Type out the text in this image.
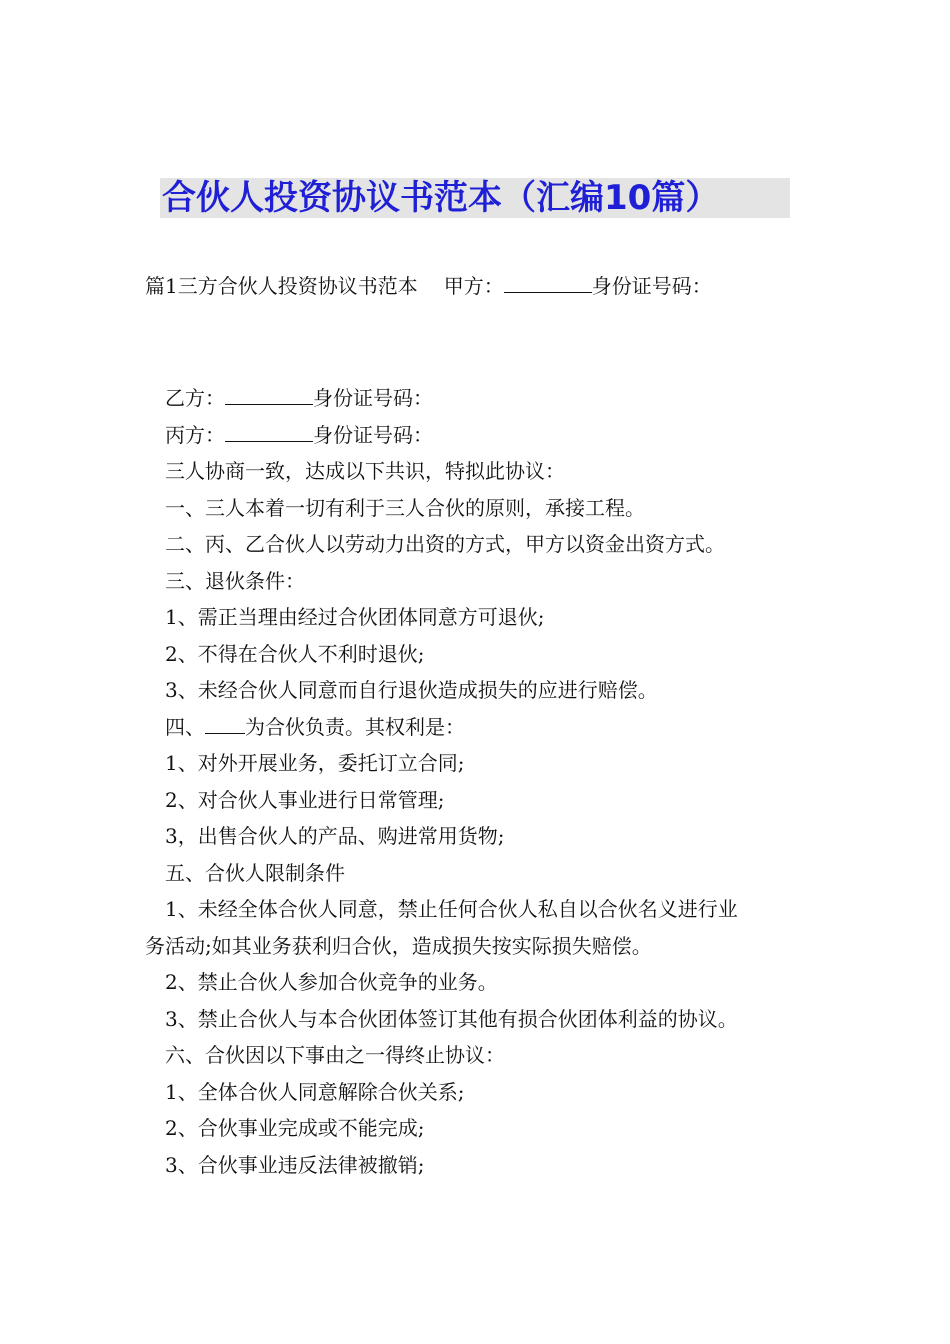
合伙人投资协议书范本（汇编10篇）
篇1三方合伙人投资协议书范本 甲方：	身份证号码：
乙方：	身份证号码：
丙方：	身份证号码：
三人协商一致，达成以下共识，特拟此协议：
一、三人本着一切有利于三人合伙的原则，承接工程。
二、丙、乙合伙人以劳动力出资的方式，甲方以资金出资方式。
三、退伙条件：
1、需正当理由经过合伙团体同意方可退伙;
2、不得在合伙人不利时退伙;
3、未经合伙人同意而自行退伙造成损失的应进行赔偿。
四、 为合伙负责。其权利是：
1、对外开展业务，委托订立合同;
2、对合伙人事业进行日常管理;
3，出售合伙人的产品、购进常用货物;
五、合伙人限制条件
1、未经全体合伙人同意，禁止任何合伙人私自以合伙名义进行业
务活动;如其业务获利归合伙，造成损失按实际损失赔偿。
2、禁止合伙人参加合伙竞争的业务。
3、禁止合伙人与本合伙团体签订其他有损合伙团体利益的协议。
六、合伙因以下事由之一得终止协议：
1、全体合伙人同意解除合伙关系;
2、合伙事业完成或不能完成;
3、合伙事业违反法律被撤销;
